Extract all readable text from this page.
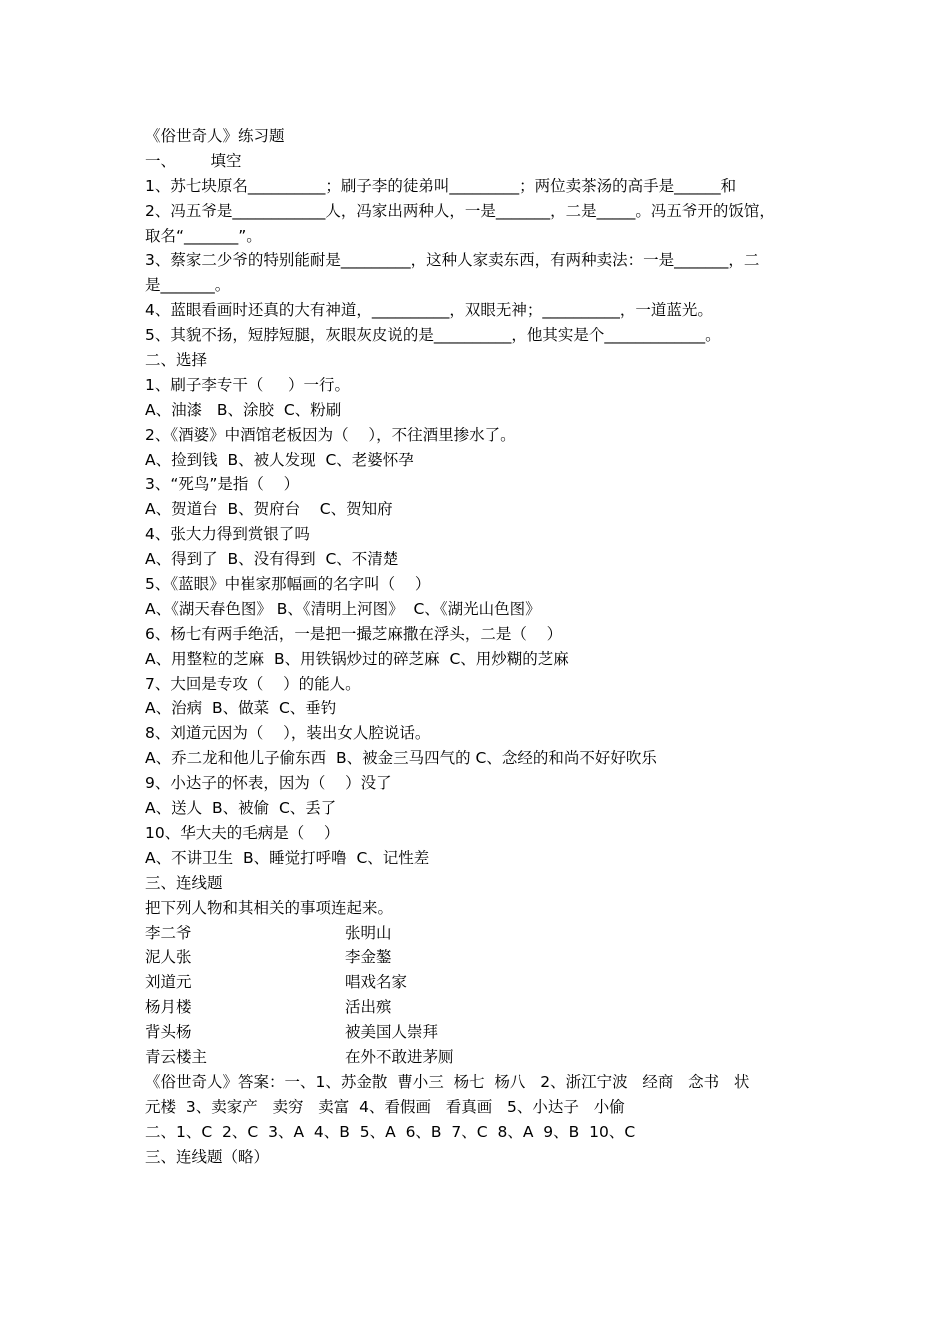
《俗世奇人》练习题
一、       填空
1、苏七块原名__________；刷子李的徒弟叫_________；两位卖茶汤的高手是______和
2、冯五爷是____________人，冯家出两种人，一是_______，二是_____。冯五爷开的饭馆，
取名“_______”。
3、蔡家二少爷的特别能耐是_________，这种人家卖东西，有两种卖法：一是_______，二
是_______。
4、蓝眼看画时还真的大有神道，__________，双眼无神；__________，一道蓝光。
5、其貌不扬，短脖短腿，灰眼灰皮说的是__________，他其实是个_____________。
二、选择
1、刷子李专干（     ）一行。
A、油漆   B、涂胶  C、粉刷
2、《酒婆》中酒馆老板因为（    ），不往酒里掺水了。
A、捡到钱  B、被人发现  C、老婆怀孕
3、“死鸟”是指（    ）
A、贺道台  B、贺府台    C、贺知府
4、张大力得到赏银了吗
A、得到了  B、没有得到  C、不清楚
5、《蓝眼》中崔家那幅画的名字叫（    ）
A、《湖天春色图》 B、《清明上河图》  C、《湖光山色图》
6、杨七有两手绝活，一是把一撮芝麻撒在浮头，二是（    ）
A、用整粒的芝麻  B、用铁锅炒过的碎芝麻  C、用炒糊的芝麻
7、大回是专攻（    ）的能人。
A、治病  B、做菜  C、垂钓
8、刘道元因为（    ），装出女人腔说话。
A、乔二龙和他儿子偷东西  B、被金三马四气的 C、念经的和尚不好好吹乐
9、小达子的怀表，因为（    ）没了
A、送人  B、被偷  C、丢了
10、华大夫的毛病是（    ）
A、不讲卫生  B、睡觉打呼噜  C、记性差
三、连线题
把下列人物和其相关的事项连起来。
李二爷	张明山
泥人张	李金鏊
刘道元	唱戏名家
杨月楼	活出殡
背头杨	被美国人崇拜
青云楼主	在外不敢进茅厕
《俗世奇人》答案：一、1、苏金散  曹小三  杨七  杨八   2、浙江宁波   经商   念书   状
元楼  3、卖家产   卖穷   卖富  4、看假画   看真画   5、小达子   小偷
二、1、C  2、C  3、A  4、B  5、A  6、B  7、C  8、A  9、B  10、C
三、连线题（略）
